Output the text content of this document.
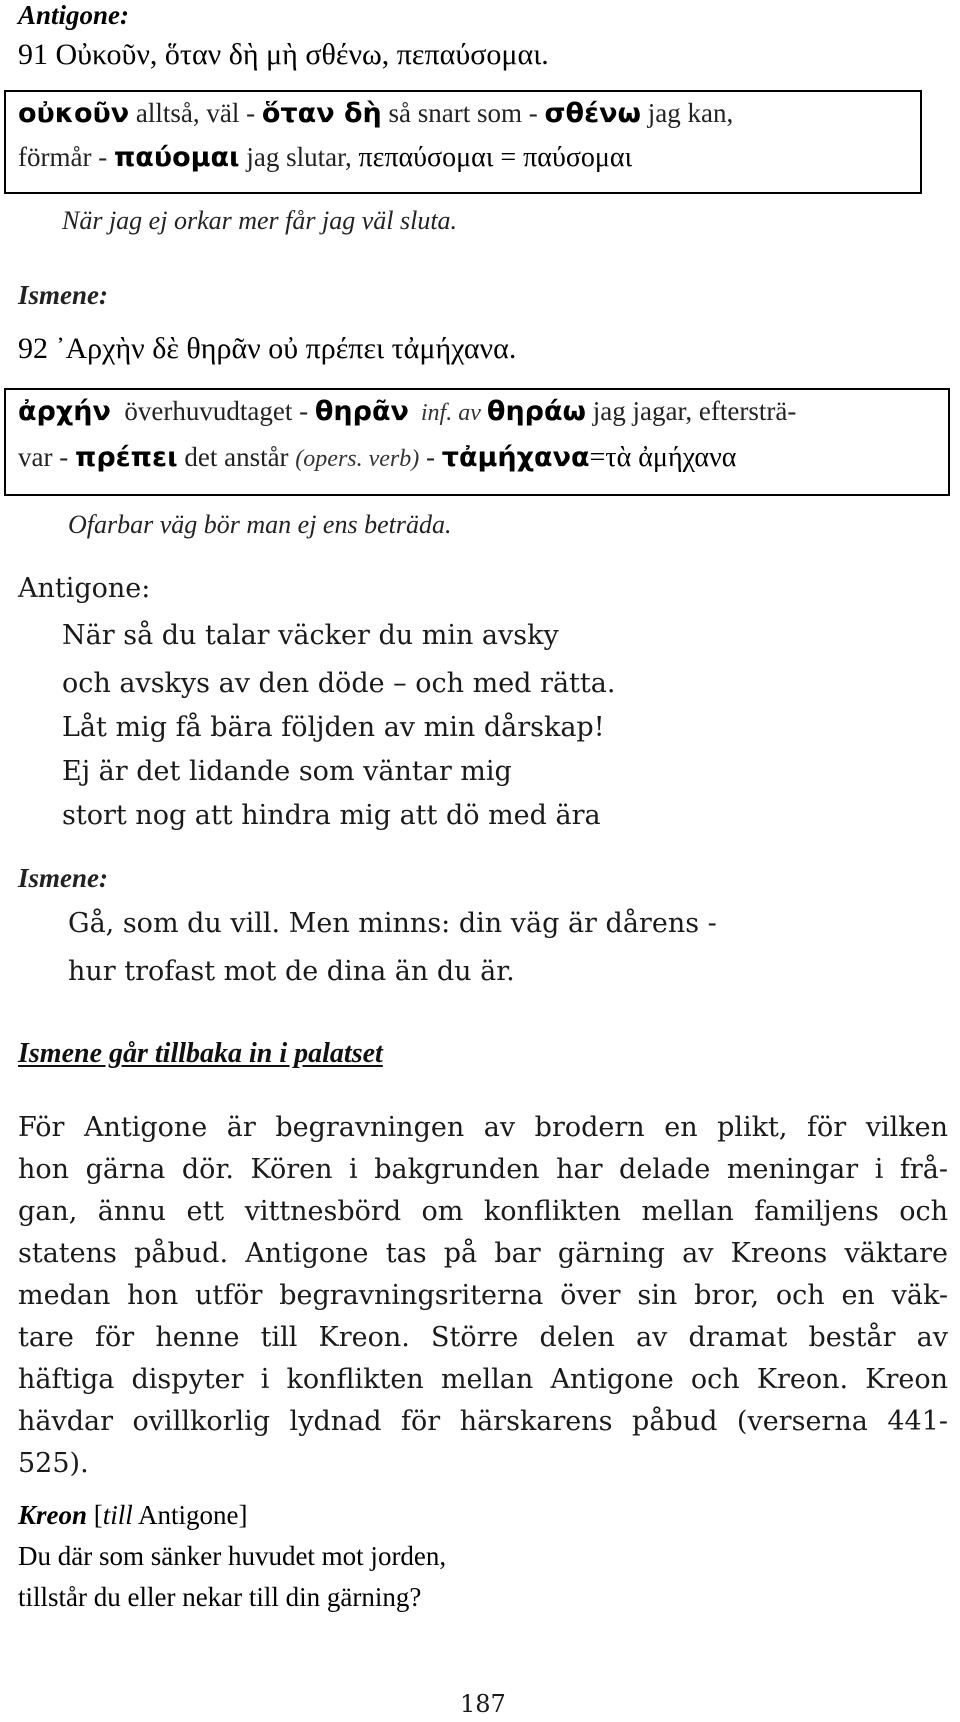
Antigone:
91 Οὐκοῦν, ὅταν δὴ μὴ σθένω, πεπαύσομαι.
οὐκοῦν alltså, väl - ὅταν δὴ så snart som - σθένω jag kan,
förmår - παύομαι jag slutar, πεπαύσομαι = παύσομαι
När jag ej orkar mer får jag väl sluta.
Ismene:
92 ᾿Αρχὴν δὲ θηρᾶν οὐ πρέπει τἀμήχανα.
ἀρχήν  överhuvudtaget - θηρᾶν  inf. av θηράω jag jagar, eftersträ-
var - πρέπει det anstår (opers. verb) - τἀμήχανα=τὰ ἀμήχανα
Ofarbar väg bör man ej ens beträda.
Antigone:
När så du talar väcker du min avsky
och avskys av den döde – och med rätta.
Låt mig få bära följden av min dårskap!
Ej är det lidande som väntar mig
stort nog att hindra mig att dö med ära
Ismene:
Gå, som du vill. Men minns: din väg är dårens -
hur trofast mot de dina än du är.
Ismene går tillbaka in i palatset
För Antigone är begravningen av brodern en plikt, för vilken
hon gärna dör. Kören i bakgrunden har delade meningar i frå-
gan, ännu ett vittnesbörd om konflikten mellan familjens och
statens påbud. Antigone tas på bar gärning av Kreons väktare
medan hon utför begravningsriterna över sin bror, och en väk-
tare för henne till Kreon. Större delen av dramat består av
häftiga dispyter i konflikten mellan Antigone och Kreon. Kreon
hävdar ovillkorlig lydnad för härskarens påbud (verserna 441-
525).
Kreon [till Antigone]
Du där som sänker huvudet mot jorden,
tillstår du eller nekar till din gärning?
187
